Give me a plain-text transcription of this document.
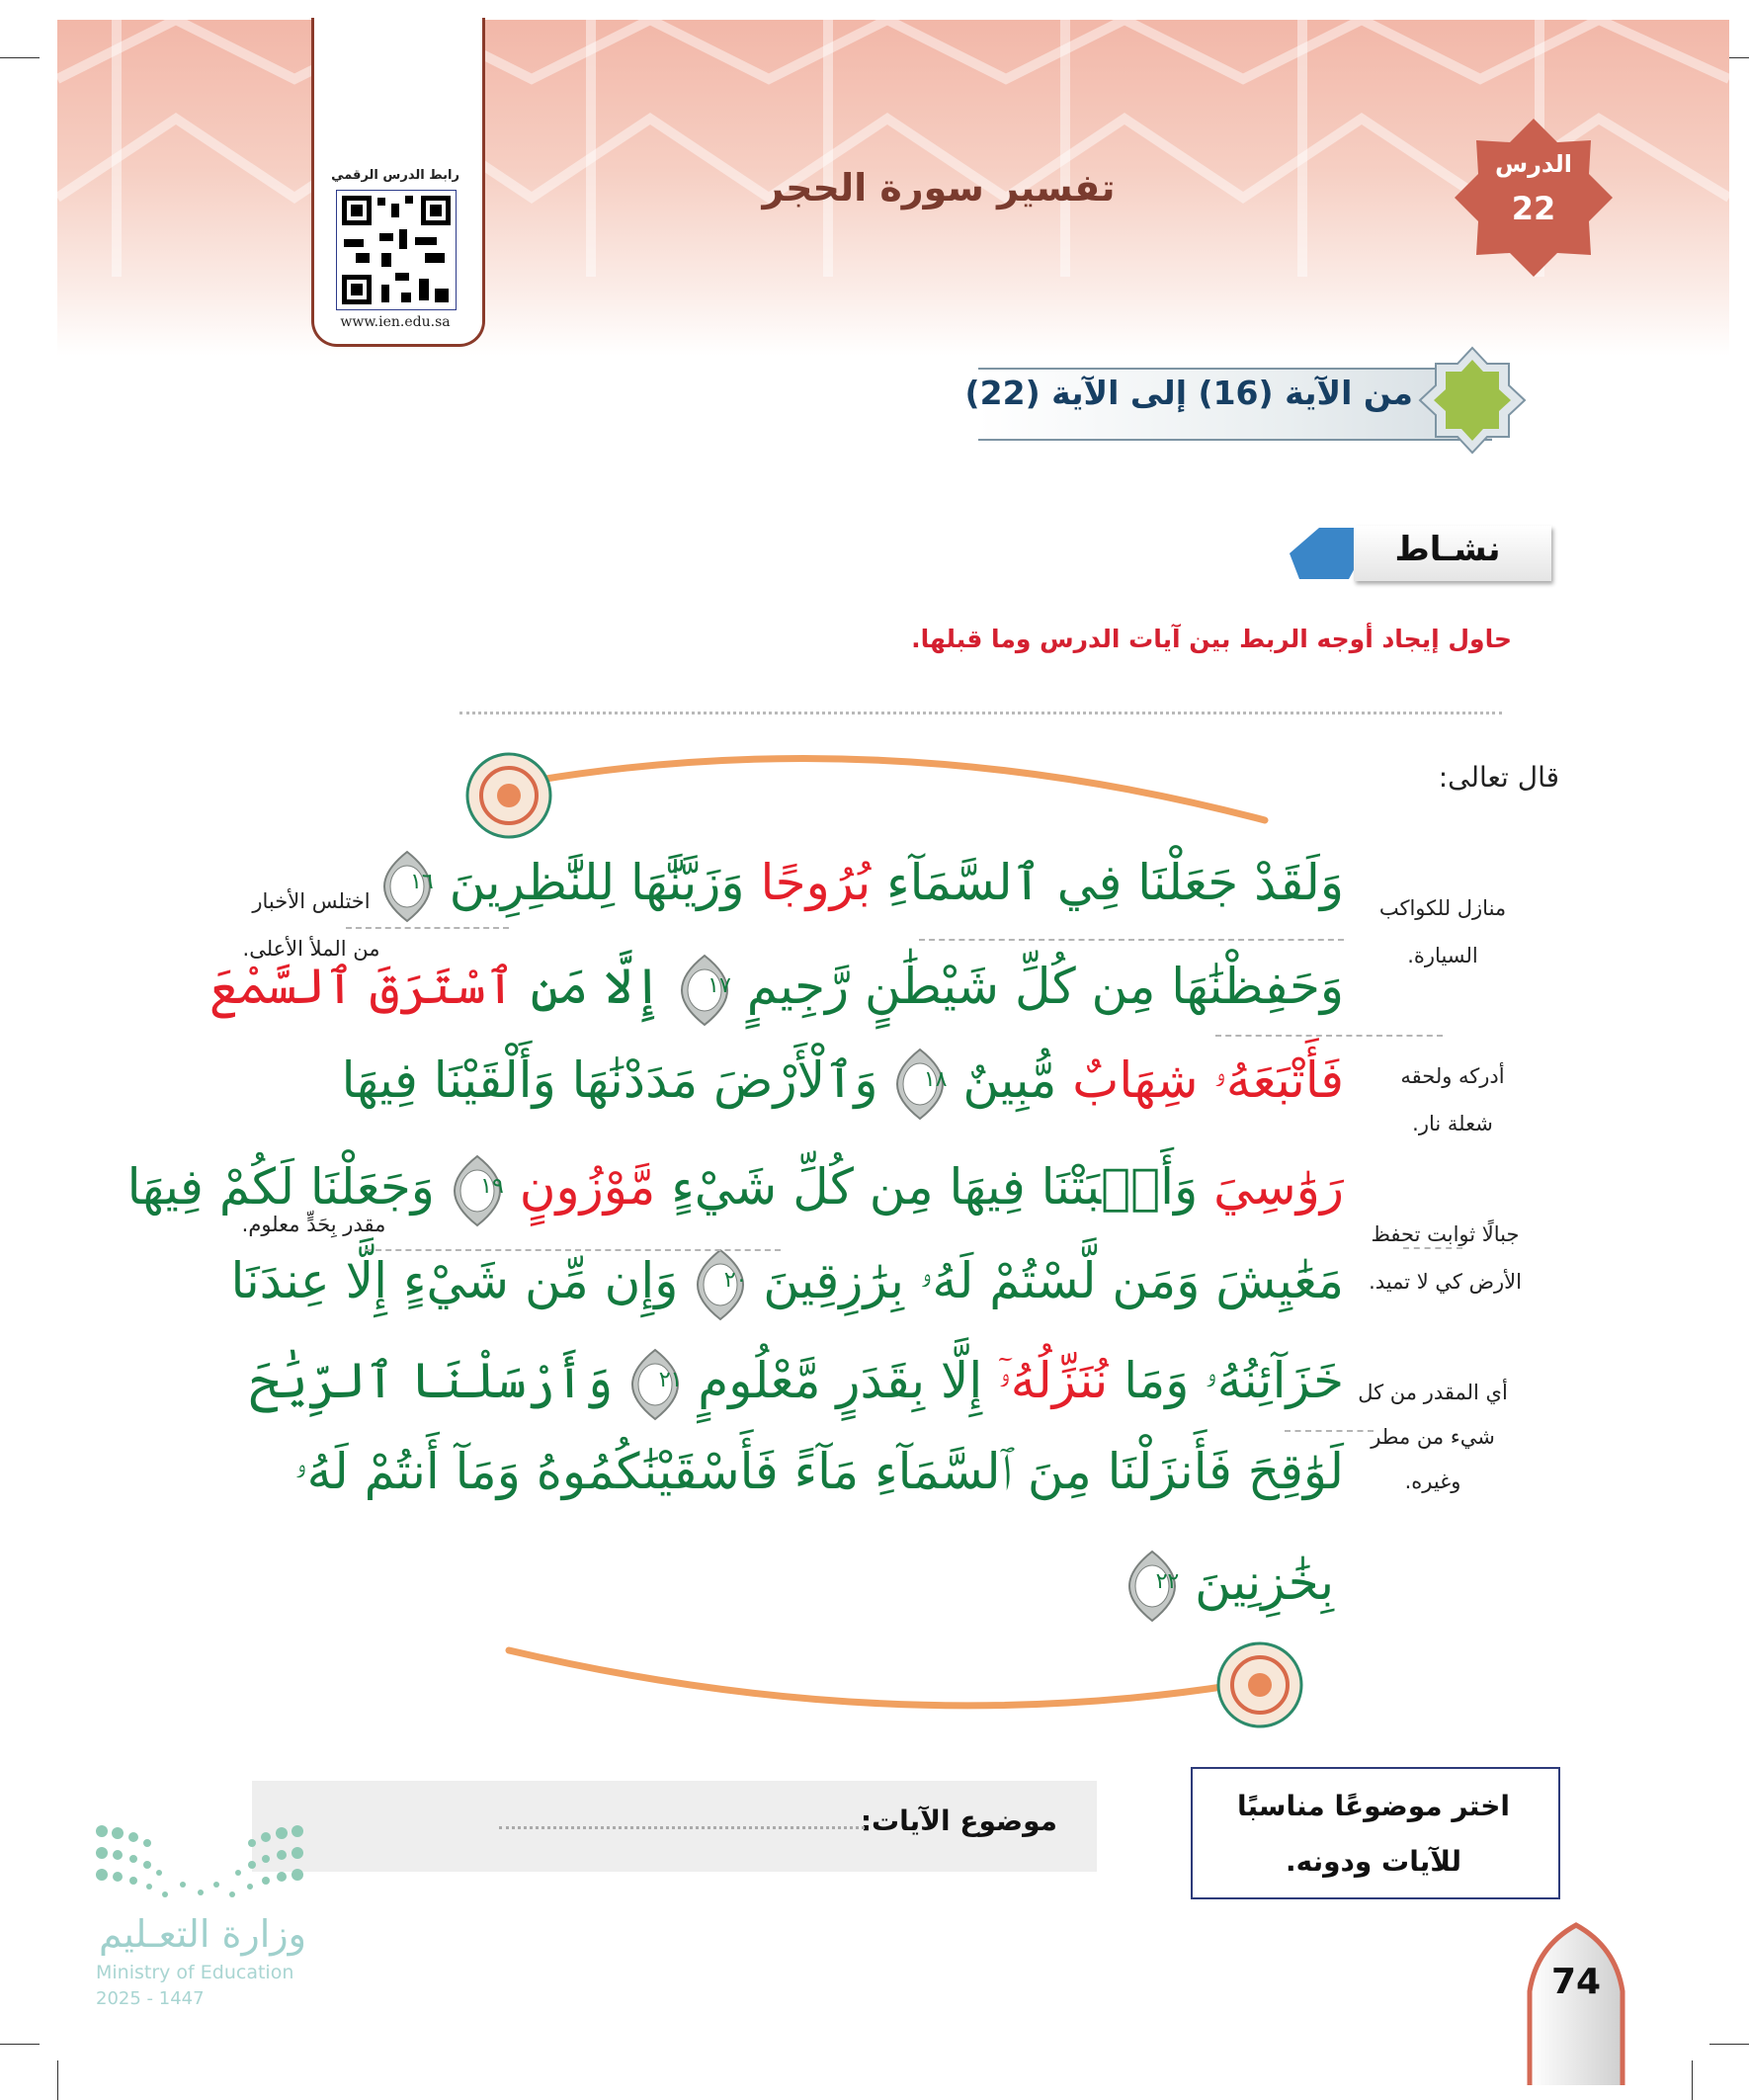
الدرس
22
رابط الدرس الرقمي
www.ien.edu.sa
تفسير سورة الحجر
من الآية (16) إلى الآية (22)
نشـاط
حاول إيجاد أوجه الربط بين آيات الدرس وما قبلها.
قال تعالى:
وَلَقَدْ جَعَلْنَا فِي ٱلسَّمَآءِ بُرُوجًا وَزَيَّنَّٰهَا لِلنَّٰظِرِينَ
١٦
وَحَفِظْنَٰهَا مِن كُلِّ شَيْطَٰنٍ رَّجِيمٍ
١٧
إِلَّا مَنِ ٱسْتَرَقَ ٱلسَّمْعَ
فَأَتْبَعَهُۥ شِهَابٌ مُّبِينٌ
١٨
وَٱلْأَرْضَ مَدَدْنَٰهَا وَأَلْقَيْنَا فِيهَا
رَوَٰسِيَ وَأَنۢبَتْنَا فِيهَا مِن كُلِّ شَيْءٍ مَّوْزُونٍ
١٩
وَجَعَلْنَا لَكُمْ فِيهَا
مَعَٰيِشَ وَمَن لَّسْتُمْ لَهُۥ بِرَٰزِقِينَ
٢٠
وَإِن مِّن شَيْءٍ إِلَّا عِندَنَا
خَزَآئِنُهُۥ وَمَا نُنَزِّلُهُۥٓ إِلَّا بِقَدَرٍ مَّعْلُومٍ
٢١
وَأَرْسَلْنَا ٱلرِّيَٰحَ
لَوَٰقِحَ فَأَنزَلْنَا مِنَ ٱلسَّمَآءِ مَآءً فَأَسْقَيْنَٰكُمُوهُ وَمَآ أَنتُمْ لَهُۥ
بِخَٰزِنِينَ
٢٢
منازل للكواكب
السيارة.
أدركه ولحقه
شعلة نار.
جبالًا ثوابت تحفظ
الأرض كي لا تميد.
أي المقدر من كل
شيء من مطر
وغيره.
اختلس الأخبار
من الملأ الأعلى.
مقدر بِحَدٍّ معلوم.
موضوع الآيات:	اختر موضوعًا مناسبًا
للآيات ودونه.
وزارة التعـليم
Ministry of Education
2025 - 1447	74
